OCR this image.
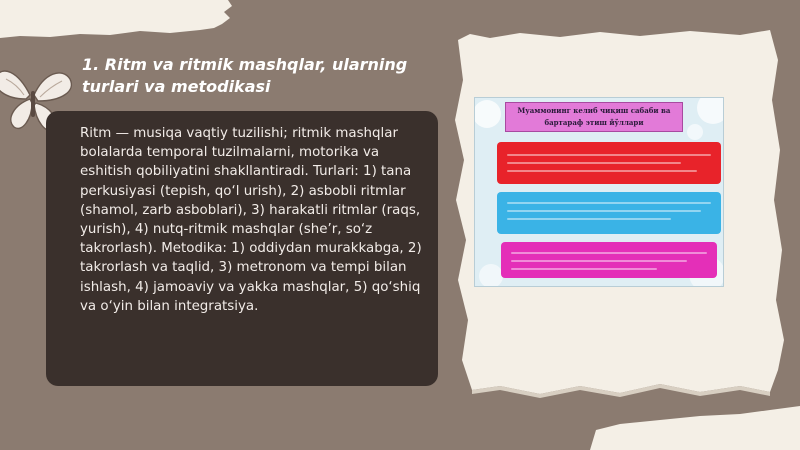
1. Ritm va ritmik mashqlar, ularning turlari va metodikasi

Ritm — musiqa vaqtiy tuzilishi; ritmik mashqlar bolalarda temporal tuzilmalarni, motorika va eshitish qobiliyatini shakllantiradi. Turlari: 1) tana perkusiyasi (tepish, qo‘l urish), 2) asbobli ritmlar (shamol, zarb asboblari), 3) harakatli ritmlar (raqs, yurish), 4) nutq-ritmik mashqlar (she’r, so‘z takrorlash). Metodika: 1) oddiydan murakkabga, 2) takrorlash va taqlid, 3) metronom va tempi bilan ishlash, 4) jamoaviy va yakka mashqlar, 5) qo‘shiq va o‘yin bilan integratsiya.

Муаммонинг келиб чиқиш сабаби ва бартараф этиш йўллари
